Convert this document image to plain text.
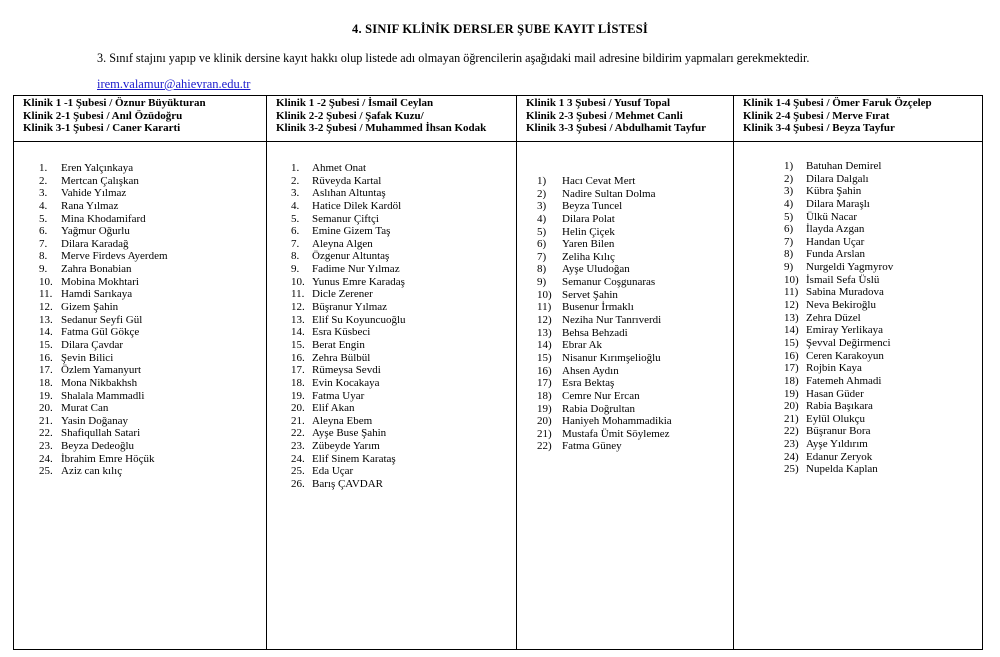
4. SINIF KLİNİK DERSLER ŞUBE KAYIT LİSTESİ
3. Sınıf stajını yapıp ve klinik dersine kayıt hakkı olup listede adı olmayan öğrencilerin aşağıdaki mail adresine bildirim yapmaları gerekmektedir.
irem.valamur@ahievran.edu.tr
Klinik 1 -1 Şubesi / Öznur Büyükturan
Klinik 2-1 Şubesi / Anıl Özüdoğru
Klinik 3-1 Şubesi / Caner Kararti
1. Eren Yalçınkaya
2. Mertcan Çalışkan
3. Vahide Yılmaz
4. Rana Yılmaz
5. Mina Khodamifard
6. Yağmur Oğurlu
7. Dilara Karadağ
8. Merve Firdevs Ayerdem
9. Zahra Bonabian
10. Mobina Mokhtari
11. Hamdi Sarıkaya
12. Gizem Şahin
13. Sedanur Seyfi Gül
14. Fatma Gül Gökçe
15. Dilara Çavdar
16. Şevin Bilici
17. Özlem Yamanyurt
18. Mona Nikbakhsh
19. Shalala Mammadli
20. Murat Can
21. Yasin Doğanay
22. Shafiqullah Satari
23. Beyza Dedeoğlu
24. İbrahim Emre Höçük
25. Aziz can kılıç
Klinik 1 -2 Şubesi / İsmail Ceylan
Klinik 2-2 Şubesi / Şafak Kuzu/
Klinik 3-2 Şubesi / Muhammed İhsan Kodak
1. Ahmet Onat
2. Rüveyda Kartal
3. Aslıhan Altuntaş
4. Hatice Dilek Kardöl
5. Semanur Çiftçi
6. Emine Gizem Taş
7. Aleyna Algen
8. Özgenur Altuntaş
9. Fadime Nur Yılmaz
10. Yunus Emre Karadaş
11. Dicle Zerener
12. Büşranur Yılmaz
13. Elif Su Koyuncuoğlu
14. Esra Küsbeci
15. Berat Engin
16. Zehra Bülbül
17. Rümeysa Sevdi
18. Evin Kocakaya
19. Fatma Uyar
20. Elif Akan
21. Aleyna Ebem
22. Ayşe Buse Şahin
23. Zübeyde Yarım
24. Elif Sinem Karataş
25. Eda Uçar
26. Barış ÇAVDAR
Klinik 1 3 Şubesi / Yusuf Topal
Klinik 2-3 Şubesi / Mehmet Canli
Klinik 3-3 Şubesi / Abdulhamit Tayfur
1) Hacı Cevat Mert
2) Nadire Sultan Dolma
3) Beyza Tuncel
4) Dilara Polat
5) Helin Çiçek
6) Yaren Bilen
7) Zeliha Kılıç
8) Ayşe Uludoğan
9) Semanur Coşgunaras
10) Servet Şahin
11) Busenur İrmaklı
12) Neziha Nur Tanrıverdi
13) Behsa Behzadi
14) Ebrar Ak
15) Nisanur Kırımşelioğlu
16) Ahsen Aydın
17) Esra Bektaş
18) Cemre Nur Ercan
19) Rabia Doğrultan
20) Haniyeh Mohammadikia
21) Mustafa Ümit Söylemez
22) Fatma Güney
Klinik 1-4 Şubesi / Ömer Faruk Özçelep
Klinik 2-4 Şubesi / Merve Fırat
Klinik 3-4 Şubesi / Beyza Tayfur
1) Batuhan Demirel
2) Dilara Dalgalı
3) Kübra Şahin
4) Dilara Maraşlı
5) Ülkü Nacar
6) İlayda Azgan
7) Handan Uçar
8) Funda Arslan
9) Nurgeldi Yagmyrov
10) İsmail Sefa Üslü
11) Sabina Muradova
12) Neva Bekiroğlu
13) Zehra Düzel
14) Emiray Yerlikaya
15) Şevval Değirmenci
16) Ceren Karakoyun
17) Rojbin Kaya
18) Fatemeh Ahmadi
19) Hasan Güder
20) Rabia Başıkara
21) Eylül Olukçu
22) Büşranur Bora
23) Ayşe Yıldırım
24) Edanur Zeryok
25) Nupelda Kaplan
